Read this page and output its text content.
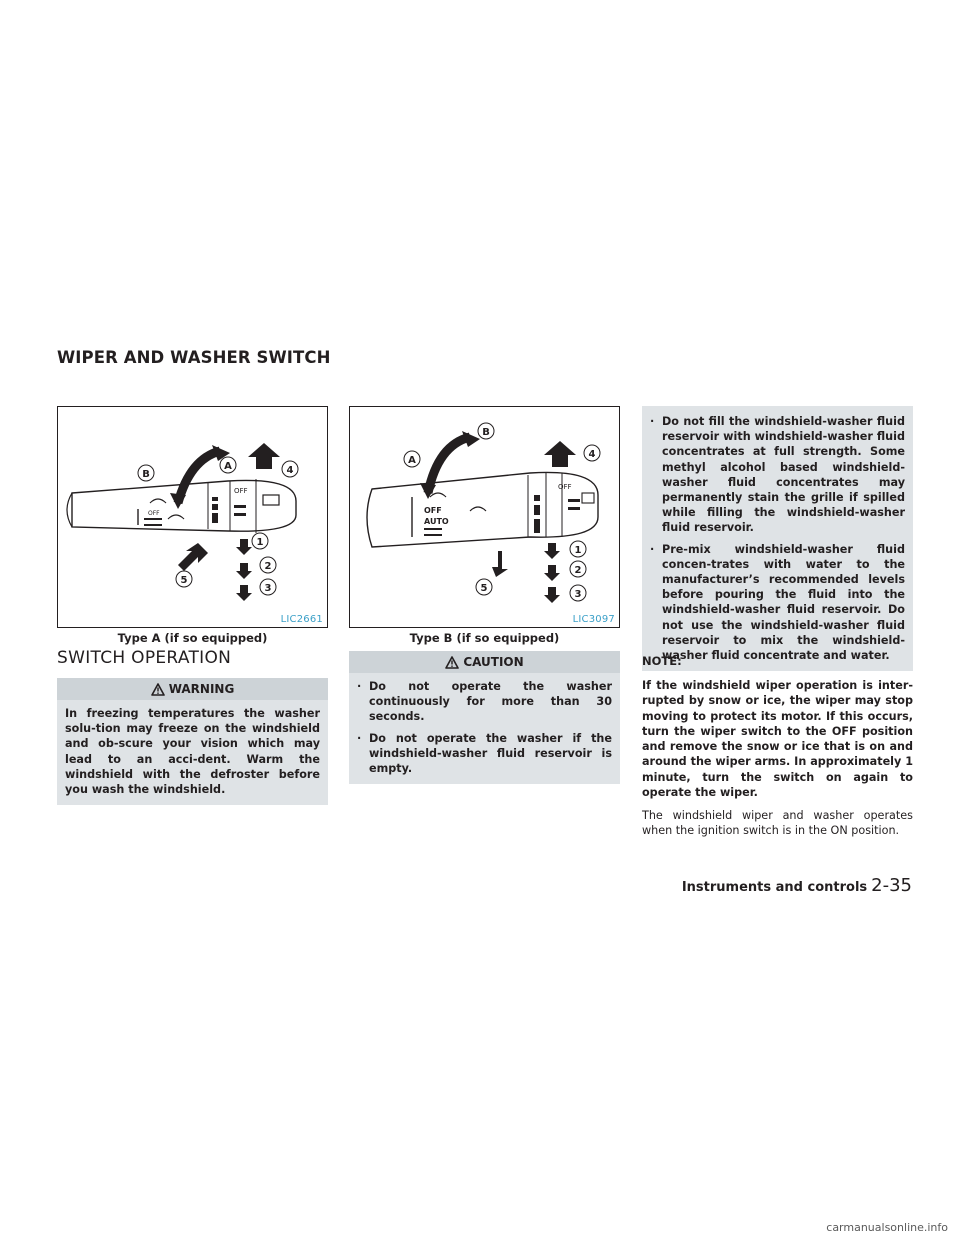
WIPER AND WASHER SWITCH
OFF
OFF
A
B
1
2
3
4
5
LIC2661
Type A (if so equipped)
OFF
AUTO
OFF
A
B
1
2
3
4
5
LIC3097
Type B (if so equipped)
SWITCH OPERATION
WARNING
In freezing temperatures the washer solu-tion may freeze on the windshield and ob-scure your vision which may lead to an acci-dent. Warm the windshield with the defroster before you wash the windshield.
CAUTION
· Do not operate the washer continuously for more than 30 seconds.
· Do not operate the washer if the windshield-washer fluid reservoir is empty.
· Do not fill the windshield-washer fluid reservoir with windshield-washer fluid concentrates at full strength. Some methyl alcohol based windshield-washer fluid concentrates may permanently stain the grille if spilled while filling the windshield-washer fluid reservoir.
· Pre-mix windshield-washer fluid concen-trates with water to the manufacturer’s recommended levels before pouring the fluid into the windshield-washer fluid reservoir. Do not use the windshield-washer fluid reservoir to mix the windshield-washer fluid concentrate and water.
NOTE:
If the windshield wiper operation is inter-rupted by snow or ice, the wiper may stop moving to protect its motor. If this occurs, turn the wiper switch to the OFF position and remove the snow or ice that is on and around the wiper arms. In approximately 1 minute, turn the switch on again to operate the wiper.
The windshield wiper and washer operates when the ignition switch is in the ON position.
Instruments and controls 2-35
carmanualsonline.info
